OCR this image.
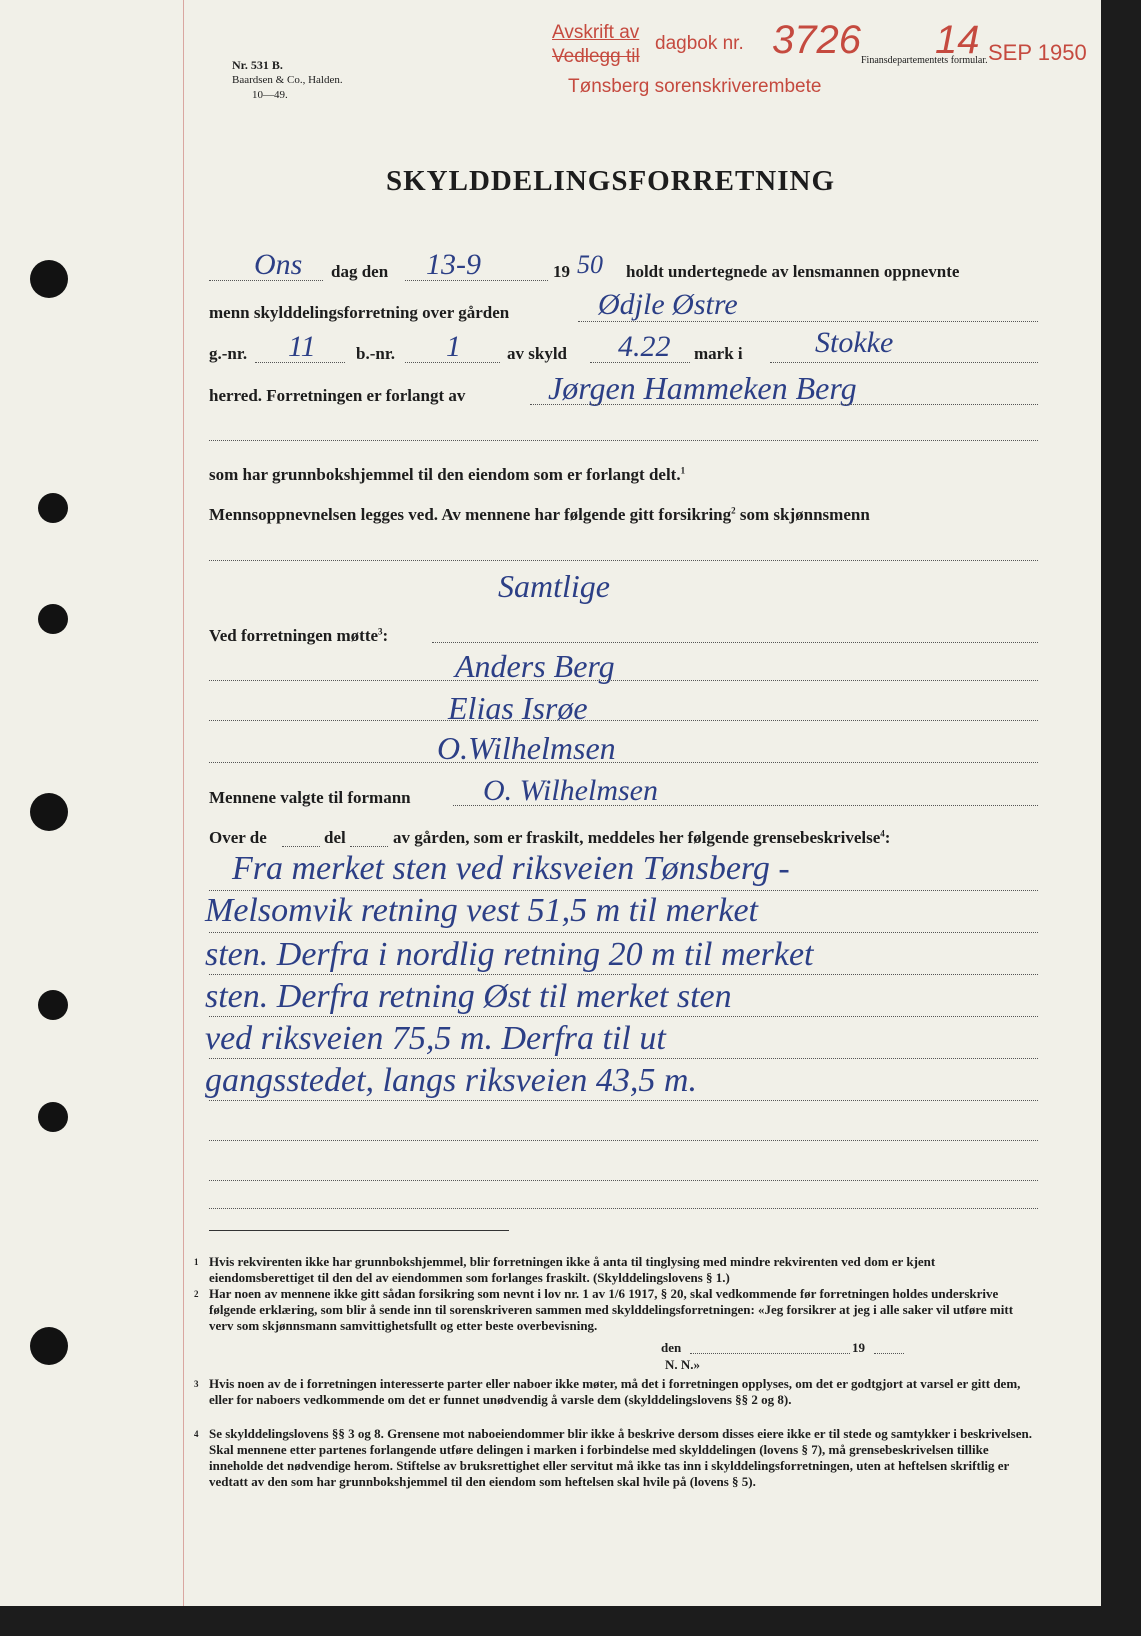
Nr. 531 B.
Baardsen & Co., Halden.
10—49.
Avskrift av
Vedlegg til
dagbok nr.
Tønsberg sorenskriverembete
3726 14 SEP 1950
Finansdepartementets formular.
SKYLDDELINGSFORRETNING
Ons dag den 13-9	19 50 holdt undertegnede av lensmannen oppnevnte
menn skylddelingsforretning over gården	Ødjle Østre
g.-nr. 11 b.-nr. 1	av skyld 4.22 mark i Stokke
herred. Forretningen er forlangt av	Jørgen Hammeken Berg
som har grunnbokshjemmel til den eiendom som er forlangt delt.$^1$
Mennsoppnevnelsen legges ved. Av mennene har følgende gitt forsikring$^2$ som skjønnsmenn
Samtlige
Ved forretningen møtte$^3$:
Anders Berg
Elias Isrøe
O.Wilhelmsen
Mennene valgte til formann O. Wilhelmsen
Over de	del	av gården, som er fraskilt, meddeles her følgende grensebeskrivelse$^4$:
Fra merket sten ved riksveien Tønsberg -
Melsomvik retning vest 51,5 m til merket
sten. Derfra i nordlig retning 20 m til merket
sten. Derfra retning Øst til merket sten
ved riksveien 75,5 m. Derfra til ut
gangsstedet, langs riksveien 43,5 m.
1 Hvis rekvirenten ikke har grunnbokshjemmel, blir forretningen ikke å anta til tinglysing med mindre rekvirenten ved dom er kjent eiendomsberettiget til den del av eiendommen som forlanges fraskilt. (Skylddelingslovens § 1.)
2 Har noen av mennene ikke gitt sådan forsikring som nevnt i lov nr. 1 av 1/6 1917, § 20, skal vedkommende før forretningen holdes underskrive følgende erklæring, som blir å sende inn til sorenskriveren sammen med skylddelingsforretningen: «Jeg forsikrer at jeg i alle saker vil utføre mitt verv som skjønnsmann samvittighetsfullt og etter beste overbevisning.
den	19
N. N.»
3 Hvis noen av de i forretningen interesserte parter eller naboer ikke møter, må det i forretningen opplyses, om det er godtgjort at varsel er gitt dem, eller for naboers vedkommende om det er funnet unødvendig å varsle dem (skylddelingslovens §§ 2 og 8).
4 Se skylddelingslovens §§ 3 og 8. Grensene mot naboeiendommer blir ikke å beskrive dersom disses eiere ikke er til stede og samtykker i beskrivelsen. Skal mennene etter partenes forlangende utføre delingen i marken i forbindelse med skylddelingen (lovens § 7), må grensebeskrivelsen tillike inneholde det nødvendige herom. Stiftelse av bruksrettighet eller servitut må ikke tas inn i skylddelingsforretningen, uten at heftelsen skriftlig er vedtatt av den som har grunnbokshjemmel til den eiendom som heftelsen skal hvile på (lovens § 5).
